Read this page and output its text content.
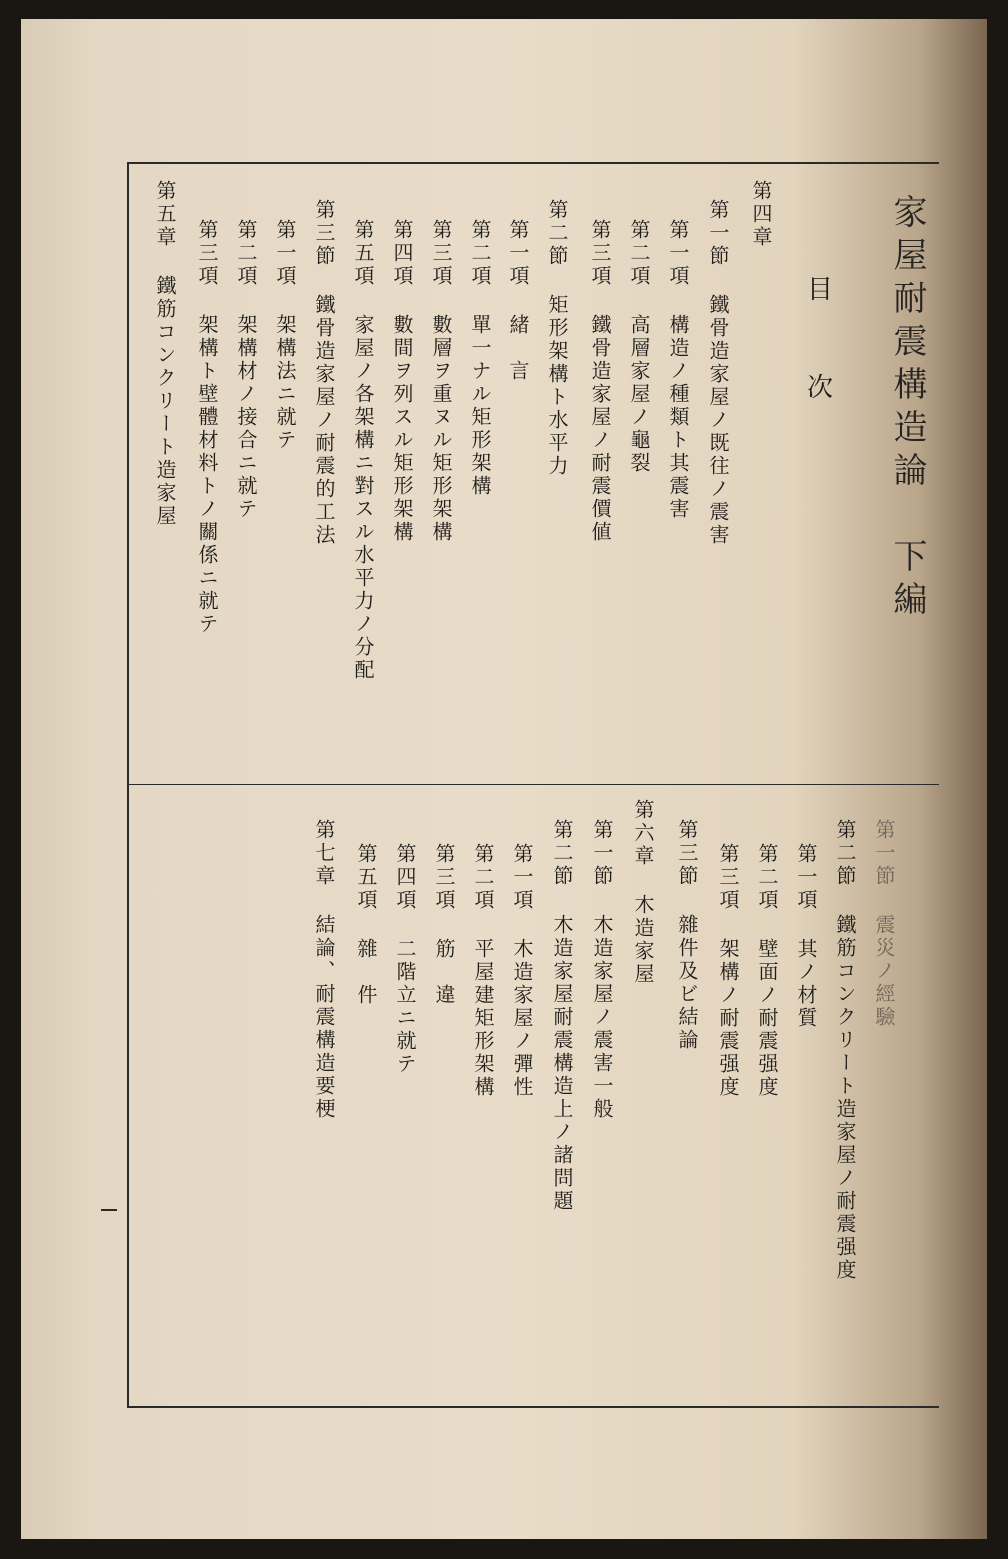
家屋耐震構造論　下編
目
次
第四章
第一節鐵骨造家屋ノ既往ノ震害
第一項構造ノ種類ト其震害
第二項高層家屋ノ龜裂
第三項鐵骨造家屋ノ耐震價値
第二節矩形架構ト水平力
第一項緒　言
第二項單一ナル矩形架構
第三項數層ヲ重ヌル矩形架構
第四項數間ヲ列スル矩形架構
第五項家屋ノ各架構ニ對スル水平力ノ分配
第三節鐵骨造家屋ノ耐震的工法
第一項架構法ニ就テ
第二項架構材ノ接合ニ就テ
第三項架構ト壁體材料トノ關係ニ就テ
第五章鐵筋コンクリート造家屋
第一節震災ノ經驗
第二節鐵筋コンクリート造家屋ノ耐震强度
第一項其ノ材質
第二項壁面ノ耐震强度
第三項架構ノ耐震强度
第三節雜件及ビ結論
第六章木造家屋
第一節木造家屋ノ震害一般
第二節木造家屋耐震構造上ノ諸問題
第一項木造家屋ノ彈性
第二項平屋建矩形架構
第三項筋　違
第四項二階立ニ就テ
第五項雜　件
第七章結論、耐震構造要梗
